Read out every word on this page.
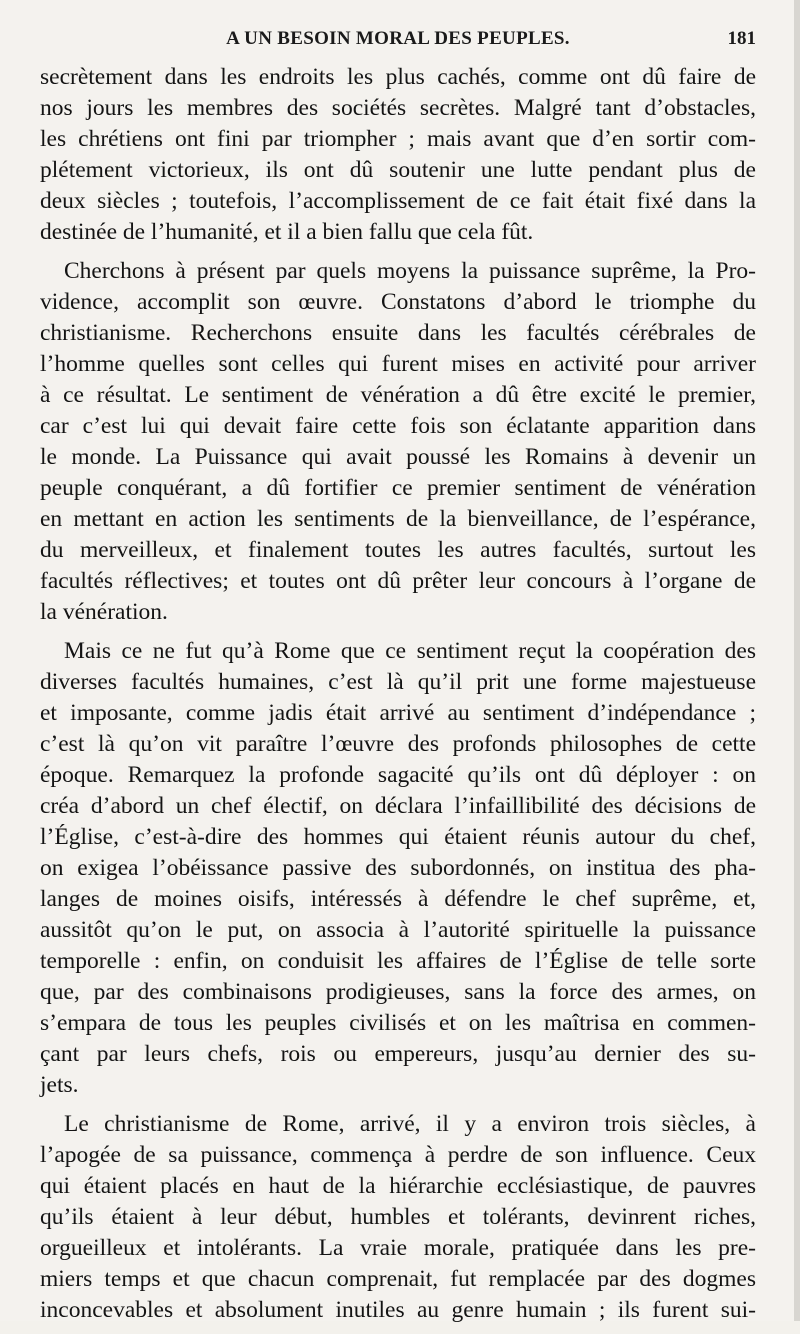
A UN BESOIN MORAL DES PEUPLES.	181

secrètement dans les endroits les plus cachés, comme ont dû faire de
nos jours les membres des sociétés secrètes. Malgré tant d’obstacles,
les chrétiens ont fini par triompher ; mais avant que d’en sortir com-
plétement victorieux, ils ont dû soutenir une lutte pendant plus de
deux siècles ; toutefois, l’accomplissement de ce fait était fixé dans la
destinée de l’humanité, et il a bien fallu que cela fût.

Cherchons à présent par quels moyens la puissance suprême, la Pro-
vidence, accomplit son œuvre. Constatons d’abord le triomphe du
christianisme. Recherchons ensuite dans les facultés cérébrales de
l’homme quelles sont celles qui furent mises en activité pour arriver
à ce résultat. Le sentiment de vénération a dû être excité le premier,
car c’est lui qui devait faire cette fois son éclatante apparition dans
le monde. La Puissance qui avait poussé les Romains à devenir un
peuple conquérant, a dû fortifier ce premier sentiment de vénération
en mettant en action les sentiments de la bienveillance, de l’espérance,
du merveilleux, et finalement toutes les autres facultés, surtout les
facultés réflectives; et toutes ont dû prêter leur concours à l’organe de
la vénération.

Mais ce ne fut qu’à Rome que ce sentiment reçut la coopération des
diverses facultés humaines, c’est là qu’il prit une forme majestueuse
et imposante, comme jadis était arrivé au sentiment d’indépendance ;
c’est là qu’on vit paraître l’œuvre des profonds philosophes de cette
époque. Remarquez la profonde sagacité qu’ils ont dû déployer : on
créa d’abord un chef électif, on déclara l’infaillibilité des décisions de
l’Église, c’est-à-dire des hommes qui étaient réunis autour du chef,
on exigea l’obéissance passive des subordonnés, on institua des pha-
langes de moines oisifs, intéressés à défendre le chef suprême, et,
aussitôt qu’on le put, on associa à l’autorité spirituelle la puissance
temporelle : enfin, on conduisit les affaires de l’Église de telle sorte
que, par des combinaisons prodigieuses, sans la force des armes, on
s’empara de tous les peuples civilisés et on les maîtrisa en commen-
çant par leurs chefs, rois ou empereurs, jusqu’au dernier des su-
jets.

Le christianisme de Rome, arrivé, il y a environ trois siècles, à
l’apogée de sa puissance, commença à perdre de son influence. Ceux
qui étaient placés en haut de la hiérarchie ecclésiastique, de pauvres
qu’ils étaient à leur début, humbles et tolérants, devinrent riches,
orgueilleux et intolérants. La vraie morale, pratiquée dans les pre-
miers temps et que chacun comprenait, fut remplacée par des dogmes
inconcevables et absolument inutiles au genre humain ; ils furent sui-
